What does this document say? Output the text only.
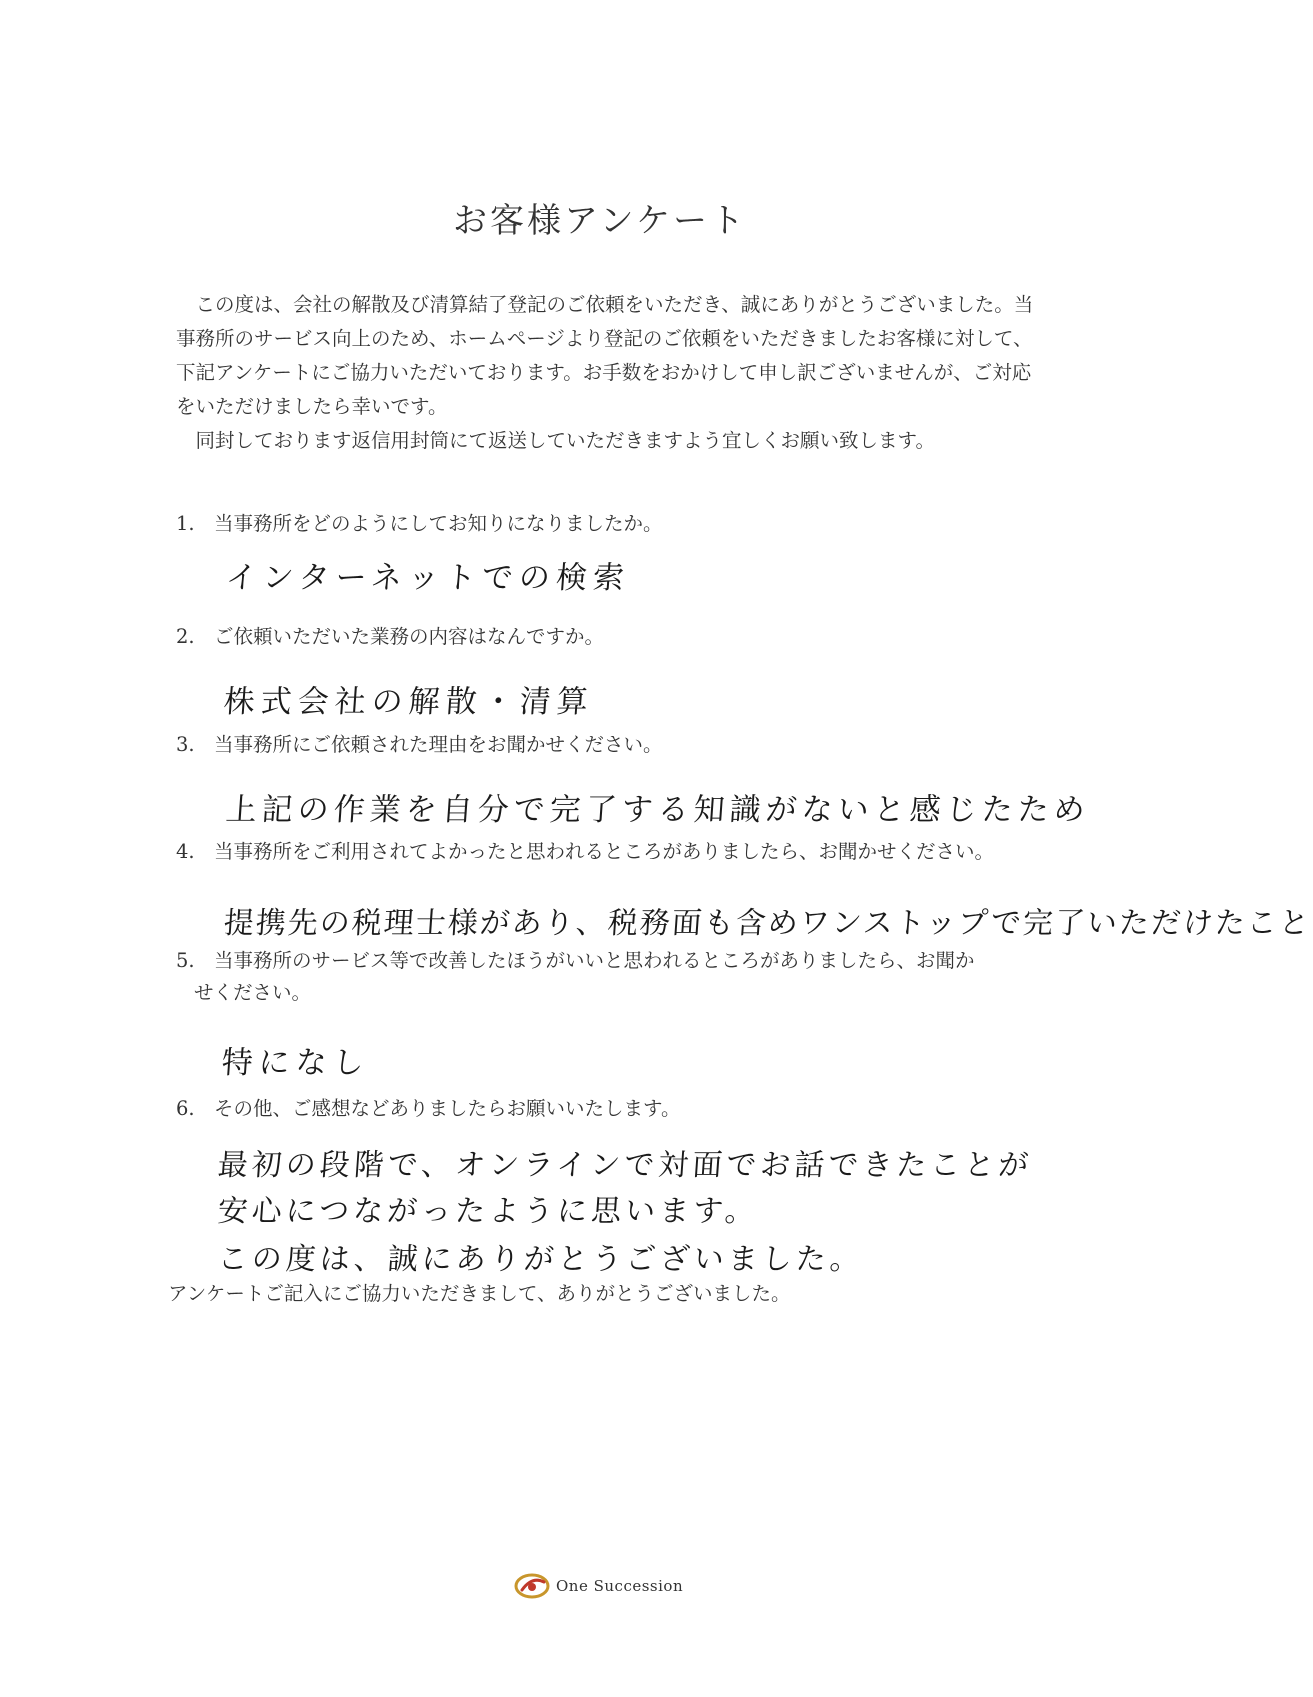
お客様アンケート

この度は、会社の解散及び清算結了登記のご依頼をいただき、誠にありがとうございました。当事務所のサービス向上のため、ホームページより登記のご依頼をいただきましたお客様に対して、下記アンケートにご協力いただいております。お手数をおかけして申し訳ございませんが、ご対応をいただけましたら幸いです。

同封しております返信用封筒にて返送していただきますよう宜しくお願い致します。

1. 当事務所をどのようにしてお知りになりましたか。
インターネットでの検索
2. ご依頼いただいた業務の内容はなんですか。
株式会社の解散・清算
3. 当事務所にご依頼された理由をお聞かせください。
上記の作業を自分で完了する知識がないと感じたため
4. 当事務所をご利用されてよかったと思われるところがありましたら、お聞かせください。
提携先の税理士様があり、税務面も含めワンストップで完了いただけたこと
5. 当事務所のサービス等で改善したほうがいいと思われるところがありましたら、お聞か
せください。
特になし
6. その他、ご感想などありましたらお願いいたします。
最初の段階で、オンラインで対面でお話できたことが
安心につながったように思います。
この度は、誠にありがとうございました。
アンケートご記入にご協力いただきまして、ありがとうございました。
One Succession
